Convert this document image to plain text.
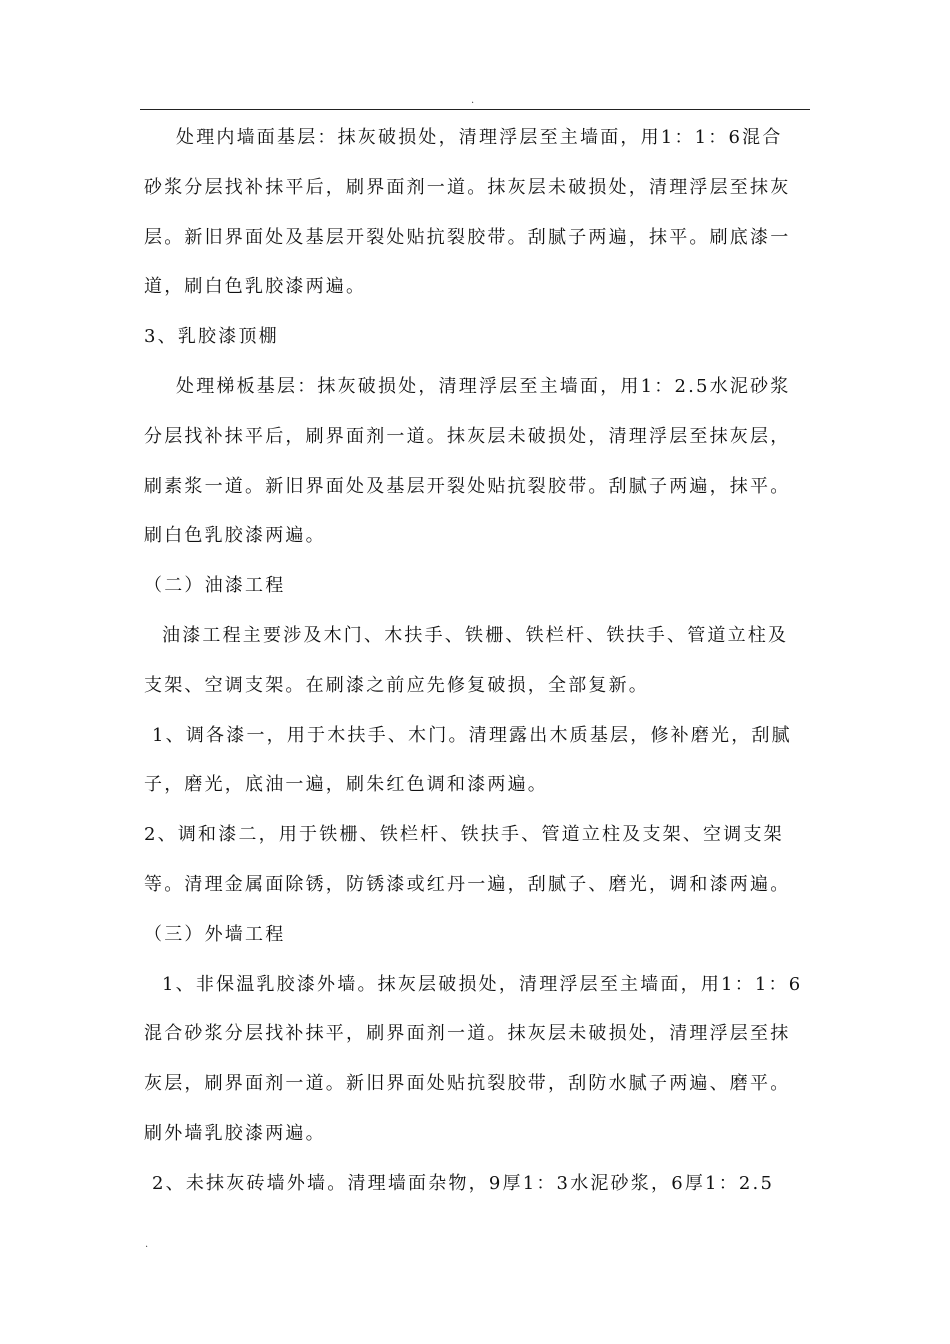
.
处理内墙面基层：抹灰破损处，清理浮层至主墙面，用1：1：6混合
砂浆分层找补抹平后，刷界面剂一道。抹灰层未破损处，清理浮层至抹灰
层。新旧界面处及基层开裂处贴抗裂胶带。刮腻子两遍，抹平。刷底漆一
道，刷白色乳胶漆两遍。
3、乳胶漆顶棚
处理梯板基层：抹灰破损处，清理浮层至主墙面，用1：2.5水泥砂浆
分层找补抹平后，刷界面剂一道。抹灰层未破损处，清理浮层至抹灰层，
刷素浆一道。新旧界面处及基层开裂处贴抗裂胶带。刮腻子两遍，抹平。
刷白色乳胶漆两遍。
（二）油漆工程
油漆工程主要涉及木门、木扶手、铁栅、铁栏杆、铁扶手、管道立柱及
支架、空调支架。在刷漆之前应先修复破损，全部复新。
1、调各漆一，用于木扶手、木门。清理露出木质基层，修补磨光，刮腻
子，磨光，底油一遍，刷朱红色调和漆两遍。
2、调和漆二，用于铁栅、铁栏杆、铁扶手、管道立柱及支架、空调支架
等。清理金属面除锈，防锈漆或红丹一遍，刮腻子、磨光，调和漆两遍。
（三）外墙工程
1、非保温乳胶漆外墙。抹灰层破损处，清理浮层至主墙面，用1：1：6
混合砂浆分层找补抹平，刷界面剂一道。抹灰层未破损处，清理浮层至抹
灰层，刷界面剂一道。新旧界面处贴抗裂胶带，刮防水腻子两遍、磨平。
刷外墙乳胶漆两遍。
2、未抹灰砖墙外墙。清理墙面杂物，9厚1：3水泥砂浆，6厚1：2.5
.
